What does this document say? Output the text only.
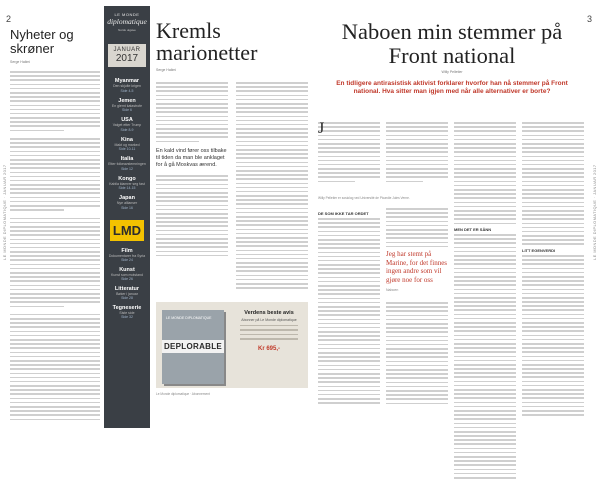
2	3
LE MONDE DIPLOMATIQUE · JANUAR 2017	LE MONDE DIPLOMATIQUE · JANUAR 2017
Nyheter og skrøner
Serge Halimi
LE MONDE
diplomatique
Norsk utgave
JANUAR
2017
Myanmar
Den skjulte krigen
Side 4-5
Jemen
En glemt katastrofe
Side 6
USA
Valget etter Trump
Side 8-9
Kina
Makt og marked
Side 10-11
Italia
Etter folkeavstemningen
Side 12
Kongo
Kabila klamrer seg fast
Side 14-15
Japan
Nye allianser
Side 16
LMD
Film
Dokumentarer fra Syria
Side 24
Kunst
Kunst som motstand
Side 26
Litteratur
Bøker i januar
Side 28
Tegneserie
Siste side
Side 32
Kremls marionetter
Serge Halimi
En kald vind fører oss tilbake til tiden da man ble anklaget for å gå Moskvas ærend.
LE MONDE DIPLOMATIQUE
DEPLORABLE
Verdens beste avis
Abonner på Le Monde diplomatique
Kr 695,-
Le Monde diplomatique · Abonnement
Naboen min stemmer på Front national
Willy Pelletier
En tidligere antirasistisk aktivist forklarer hvorfor han nå stemmer på Front national. Hva sitter man igjen med når alle alternativer er borte?
J
Willy Pelletier er sosiolog ved Université de Picardie Jules Verne.
DE SOM IKKE TAR ORDET
Jeg har stemt på Marine, for det finnes ingen andre som vil gjøre noe for oss
Naboen
MEN DET ER SÅNN
LITT EGENVERDI
